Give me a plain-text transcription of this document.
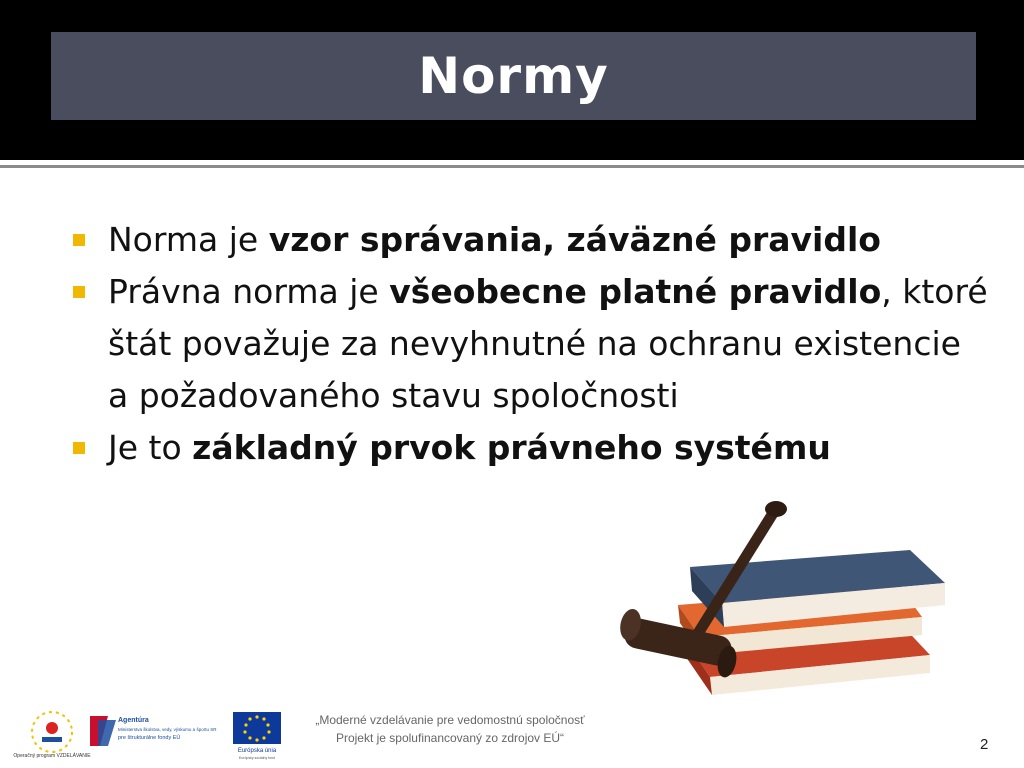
Normy
Norma je vzor správania, záväzné pravidlo
Právna norma je všeobecne platné pravidlo, ktoré štát považuje za nevyhnutné na ochranu existencie a požadovaného stavu spoločnosti
Je to základný prvok právneho systému
Operačný program VZDELÁVANIE
Agentúra
Ministerstva školstva, vedy, výskumu a športu SR
pre štrukturálne fondy EÚ
Európska únia
Európsky sociálny fond
„Moderné vzdelávanie pre vedomostnú spoločnosť
Projekt je spolufinancovaný zo zdrojov EÚ“	2
